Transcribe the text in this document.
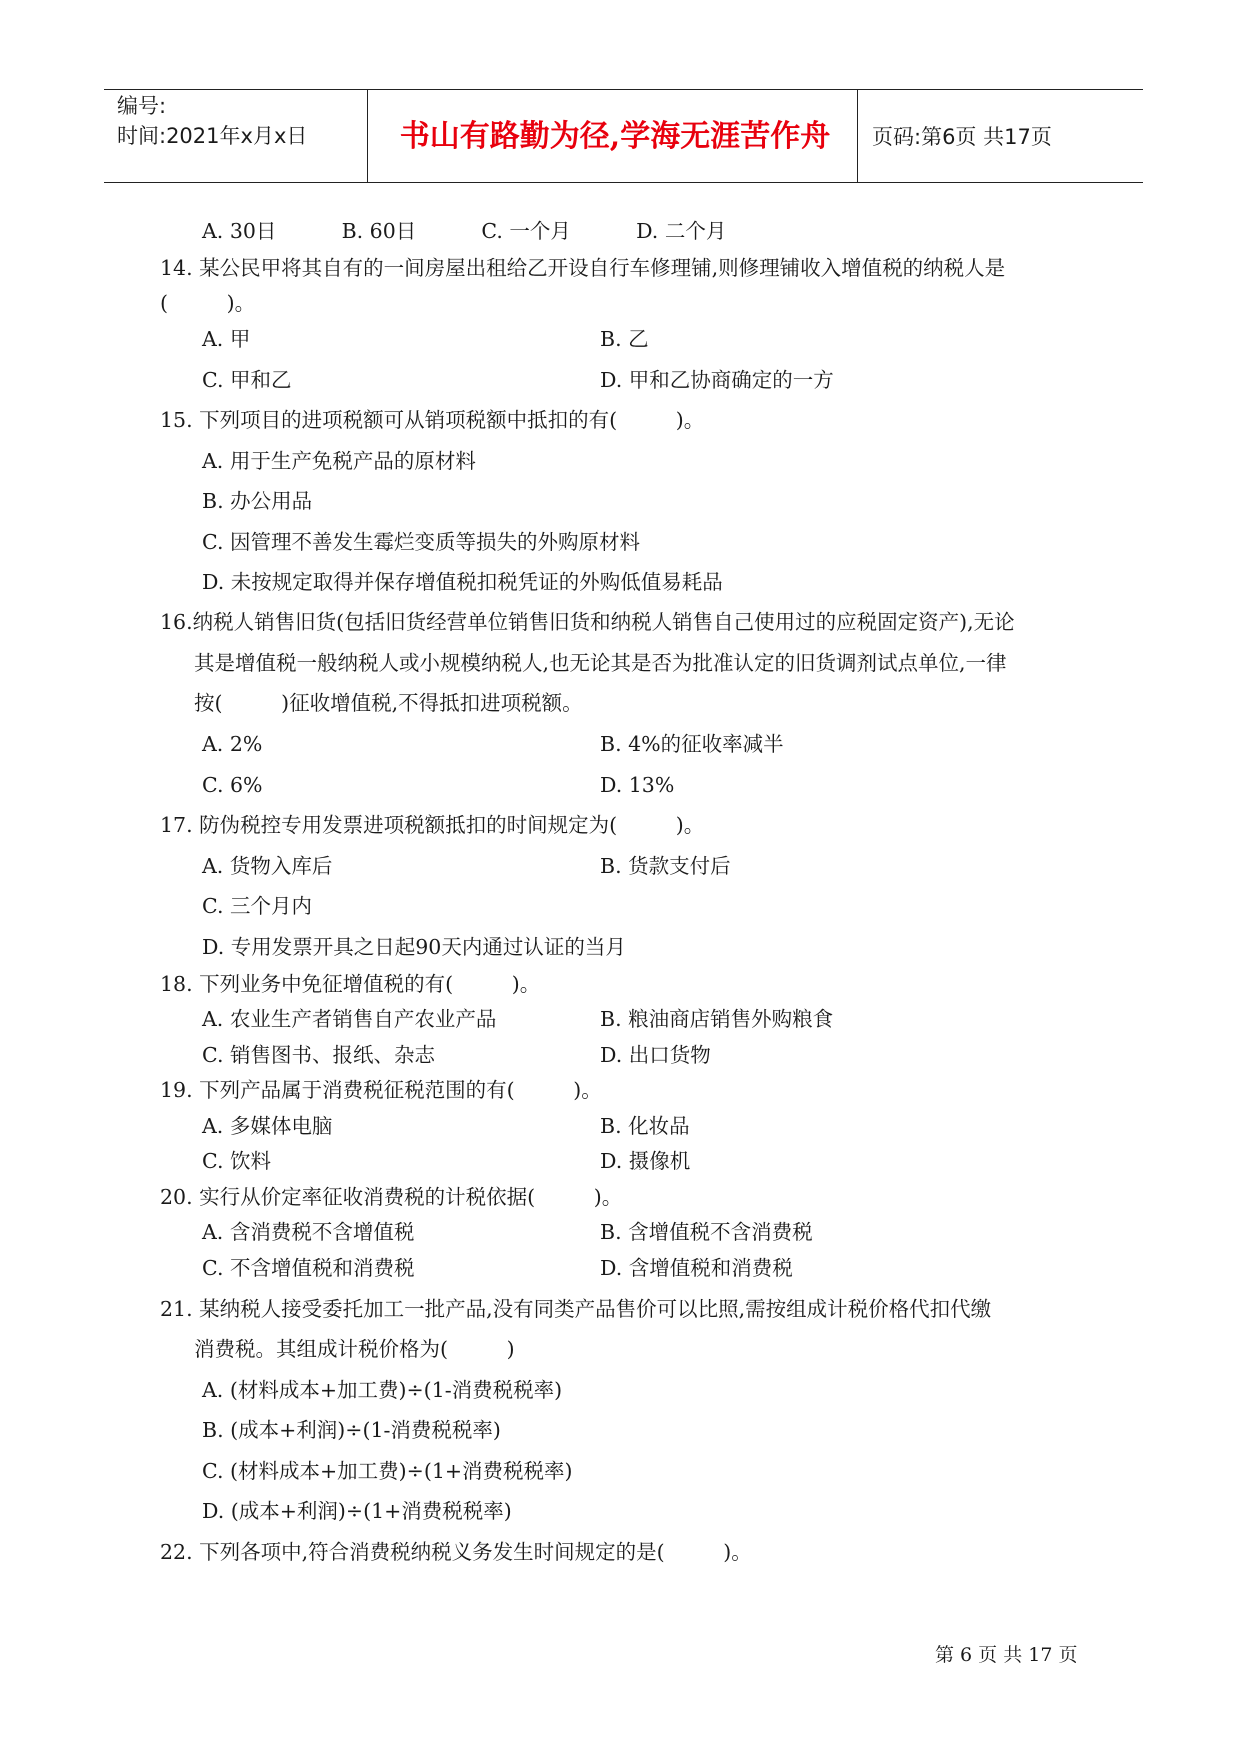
编号:
时间:2021年x月x日	书山有路勤为径,学海无涯苦作舟	页码:第6页 共17页
A. 30日          B. 60日          C. 一个月          D. 二个月
14. 某公民甲将其自有的一间房屋出租给乙开设自行车修理铺,则修理铺收入增值税的纳税人是
(         )。
A. 甲	B. 乙
C. 甲和乙	D. 甲和乙协商确定的一方
15. 下列项目的进项税额可从销项税额中抵扣的有(         )。
A. 用于生产免税产品的原材料
B. 办公用品
C. 因管理不善发生霉烂变质等损失的外购原材料
D. 未按规定取得并保存增值税扣税凭证的外购低值易耗品
16.纳税人销售旧货(包括旧货经营单位销售旧货和纳税人销售自己使用过的应税固定资产),无论
其是增值税一般纳税人或小规模纳税人,也无论其是否为批准认定的旧货调剂试点单位,一律
按(         )征收增值税,不得抵扣进项税额。
A. 2%	B. 4%的征收率减半
C. 6%	D. 13%
17. 防伪税控专用发票进项税额抵扣的时间规定为(         )。
A. 货物入库后	B. 货款支付后
C. 三个月内
D. 专用发票开具之日起90天内通过认证的当月
18. 下列业务中免征增值税的有(         )。
A. 农业生产者销售自产农业产品	B. 粮油商店销售外购粮食
C. 销售图书、报纸、杂志	D. 出口货物
19. 下列产品属于消费税征税范围的有(         )。
A. 多媒体电脑	B. 化妆品
C. 饮料	D. 摄像机
20. 实行从价定率征收消费税的计税依据(         )。
A. 含消费税不含增值税	B. 含增值税不含消费税
C. 不含增值税和消费税	D. 含增值税和消费税
21. 某纳税人接受委托加工一批产品,没有同类产品售价可以比照,需按组成计税价格代扣代缴
消费税。其组成计税价格为(         )
A. (材料成本+加工费)÷(1-消费税税率)
B. (成本+利润)÷(1-消费税税率)
C. (材料成本+加工费)÷(1+消费税税率)
D. (成本+利润)÷(1+消费税税率)
22. 下列各项中,符合消费税纳税义务发生时间规定的是(         )。
第 6 页 共 17 页
